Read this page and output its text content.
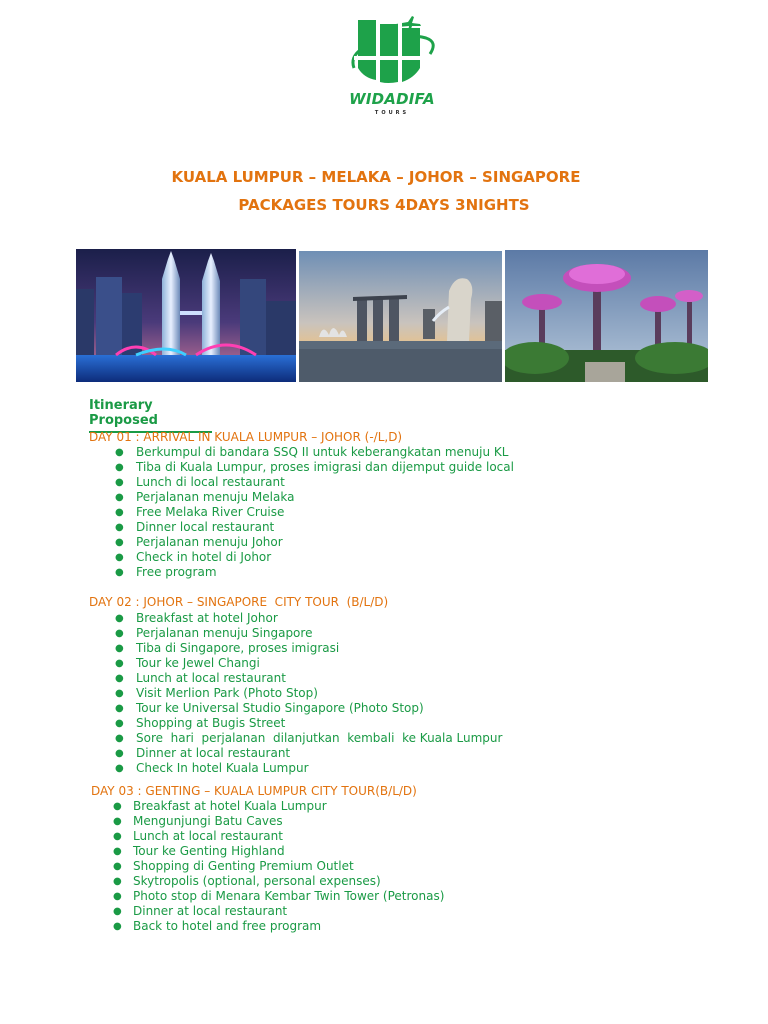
WIDADIFA
TOURS
KUALA LUMPUR – MELAKA – JOHOR – SINGAPORE
PACKAGES TOURS 4DAYS 3NIGHTS
Itinerary Proposed
DAY 01 : ARRIVAL IN KUALA LUMPUR – JOHOR (-/L,D)
● Berkumpul di bandara SSQ II untuk keberangkatan menuju KL
● Tiba di Kuala Lumpur, proses imigrasi dan dijemput guide local
● Lunch di local restaurant
● Perjalanan menuju Melaka
● Free Melaka River Cruise
● Dinner local restaurant
● Perjalanan menuju Johor
● Check in hotel di Johor
● Free program
DAY 02 : JOHOR – SINGAPORE  CITY TOUR  (B/L/D)
● Breakfast at hotel Johor
● Perjalanan menuju Singapore
● Tiba di Singapore, proses imigrasi
● Tour ke Jewel Changi
● Lunch at local restaurant
● Visit Merlion Park (Photo Stop)
● Tour ke Universal Studio Singapore (Photo Stop)
● Shopping at Bugis Street
● Sore  hari  perjalanan  dilanjutkan  kembali  ke Kuala Lumpur
● Dinner at local restaurant
● Check In hotel Kuala Lumpur
DAY 03 : GENTING – KUALA LUMPUR CITY TOUR(B/L/D)
● Breakfast at hotel Kuala Lumpur
● Mengunjungi Batu Caves
● Lunch at local restaurant
● Tour ke Genting Highland
● Shopping di Genting Premium Outlet
● Skytropolis (optional, personal expenses)
● Photo stop di Menara Kembar Twin Tower (Petronas)
● Dinner at local restaurant
● Back to hotel and free program
